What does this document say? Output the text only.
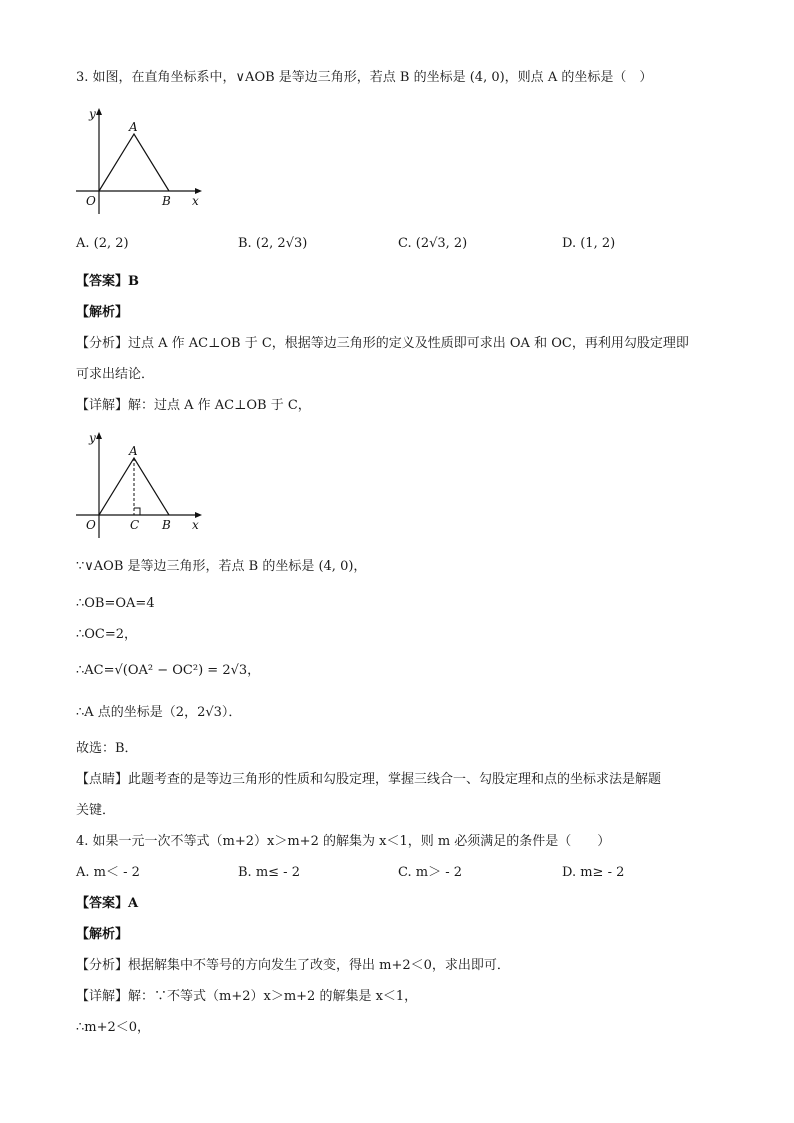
3. 如图，在直角坐标系中，∨AOB 是等边三角形，若点 B 的坐标是 (4, 0)，则点 A 的坐标是（　）
y
A
O	B x
A. (2, 2)	B. (2, 2√3)	C. (2√3, 2)	D. (1, 2)
【答案】B
【解析】
【分析】过点 A 作 AC⊥OB 于 C，根据等边三角形的定义及性质即可求出 OA 和 OC，再利用勾股定理即
可求出结论．
【详解】解：过点 A 作 AC⊥OB 于 C，
y
A
O	C B x
∵∨AOB 是等边三角形，若点 B 的坐标是 (4, 0)，
∴OB=OA=4
∴OC=2，
∴AC=√(OA² − OC²) = 2√3，
∴A 点的坐标是（2，2√3）．
故选：B．
【点睛】此题考查的是等边三角形的性质和勾股定理，掌握三线合一、勾股定理和点的坐标求法是解题
关键．
4. 如果一元一次不等式（m+2）x＞m+2 的解集为 x＜1，则 m 必须满足的条件是（　　）
A. m＜ - 2	B. m≤ - 2	C. m＞ - 2	D. m≥ - 2
【答案】A
【解析】
【分析】根据解集中不等号的方向发生了改变，得出 m+2＜0，求出即可．
【详解】解：∵不等式（m+2）x＞m+2 的解集是 x＜1，
∴m+2＜0，
